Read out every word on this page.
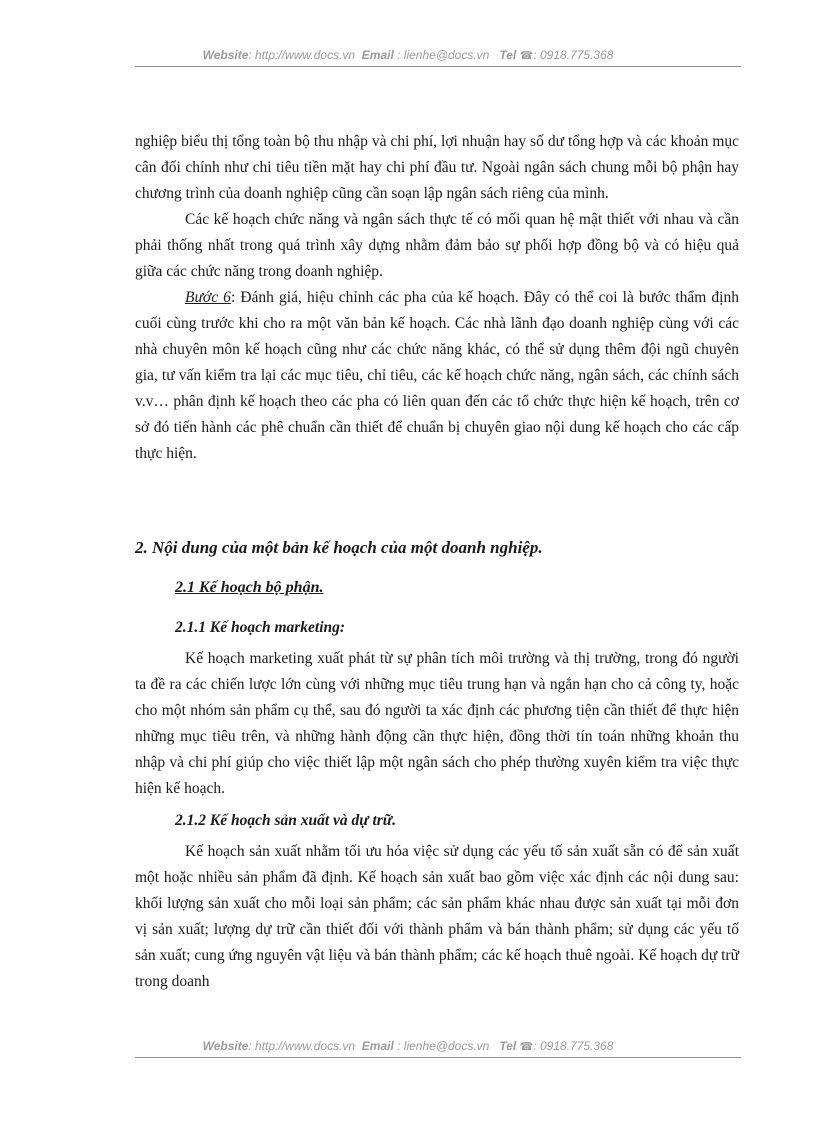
Website: http://www.docs.vn Email : lienhe@docs.vn Tel ☎: 0918.775.368

nghiệp biểu thị tổng toàn bộ thu nhập và chi phí, lợi nhuận hay số dư tổng hợp và các khoản mục cân đối chính như chi tiêu tiền mặt hay chi phí đầu tư. Ngoài ngân sách chung mỗi bộ phận hay chương trình của doanh nghiệp cũng cần soạn lập ngân sách riêng của mình.

Các kế hoạch chức năng và ngân sách thực tế có mối quan hệ mật thiết với nhau và cần phải thống nhất trong quá trình xây dựng nhằm đảm bảo sự phối hợp đồng bộ và có hiệu quả giữa các chức năng trong doanh nghiệp.

Bước 6: Đánh giá, hiệu chỉnh các pha của kế hoạch. Đây có thể coi là bước thẩm định cuối cùng trước khi cho ra một văn bản kế hoạch. Các nhà lãnh đạo doanh nghiệp cùng với các nhà chuyên môn kế hoạch cũng như các chức năng khác, có thể sử dụng thêm đội ngũ chuyên gia, tư vấn kiểm tra lại các mục tiêu, chỉ tiêu, các kế hoạch chức năng, ngân sách, các chính sách v.v… phân định kế hoạch theo các pha có liên quan đến các tổ chức thực hiện kế hoạch, trên cơ sở đó tiến hành các phê chuẩn cần thiết để chuẩn bị chuyên giao nội dung kế hoạch cho các cấp thực hiện.

2. Nội dung của một bản kế hoạch của một doanh nghiệp.
2.1 Kế hoạch bộ phận.
2.1.1 Kế hoạch marketing:

Kế hoạch marketing xuất phát từ sự phân tích môi trường và thị trường, trong đó người ta đề ra các chiến lược lớn cùng với những mục tiêu trung hạn và ngắn hạn cho cả công ty, hoặc cho một nhóm sản phẩm cụ thể, sau đó người ta xác định các phương tiện cần thiết để thực hiện những mục tiêu trên, và những hành động cần thực hiện, đồng thời tín toán những khoản thu nhập và chi phí giúp cho việc thiết lập một ngân sách cho phép thường xuyên kiểm tra việc thực hiện kế hoạch.

2.1.2 Kế hoạch sản xuất và dự trữ.

Kế hoạch sản xuất nhằm tối ưu hóa việc sử dụng các yếu tố sản xuất sẵn có để sản xuất một hoặc nhiều sản phẩm đã định. Kế hoạch sản xuất bao gồm việc xác định các nội dung sau: khối lượng sản xuất cho mỗi loại sản phẩm; các sản phẩm khác nhau được sản xuất tại mỗi đơn vị sản xuất; lượng dự trữ cần thiết đối với thành phẩm và bán thành phẩm; sử dụng các yếu tố sản xuất; cung ứng nguyên vật liệu và bán thành phẩm; các kế hoạch thuê ngoài. Kế hoạch dự trữ trong doanh

Website: http://www.docs.vn Email : lienhe@docs.vn Tel ☎: 0918.775.368
